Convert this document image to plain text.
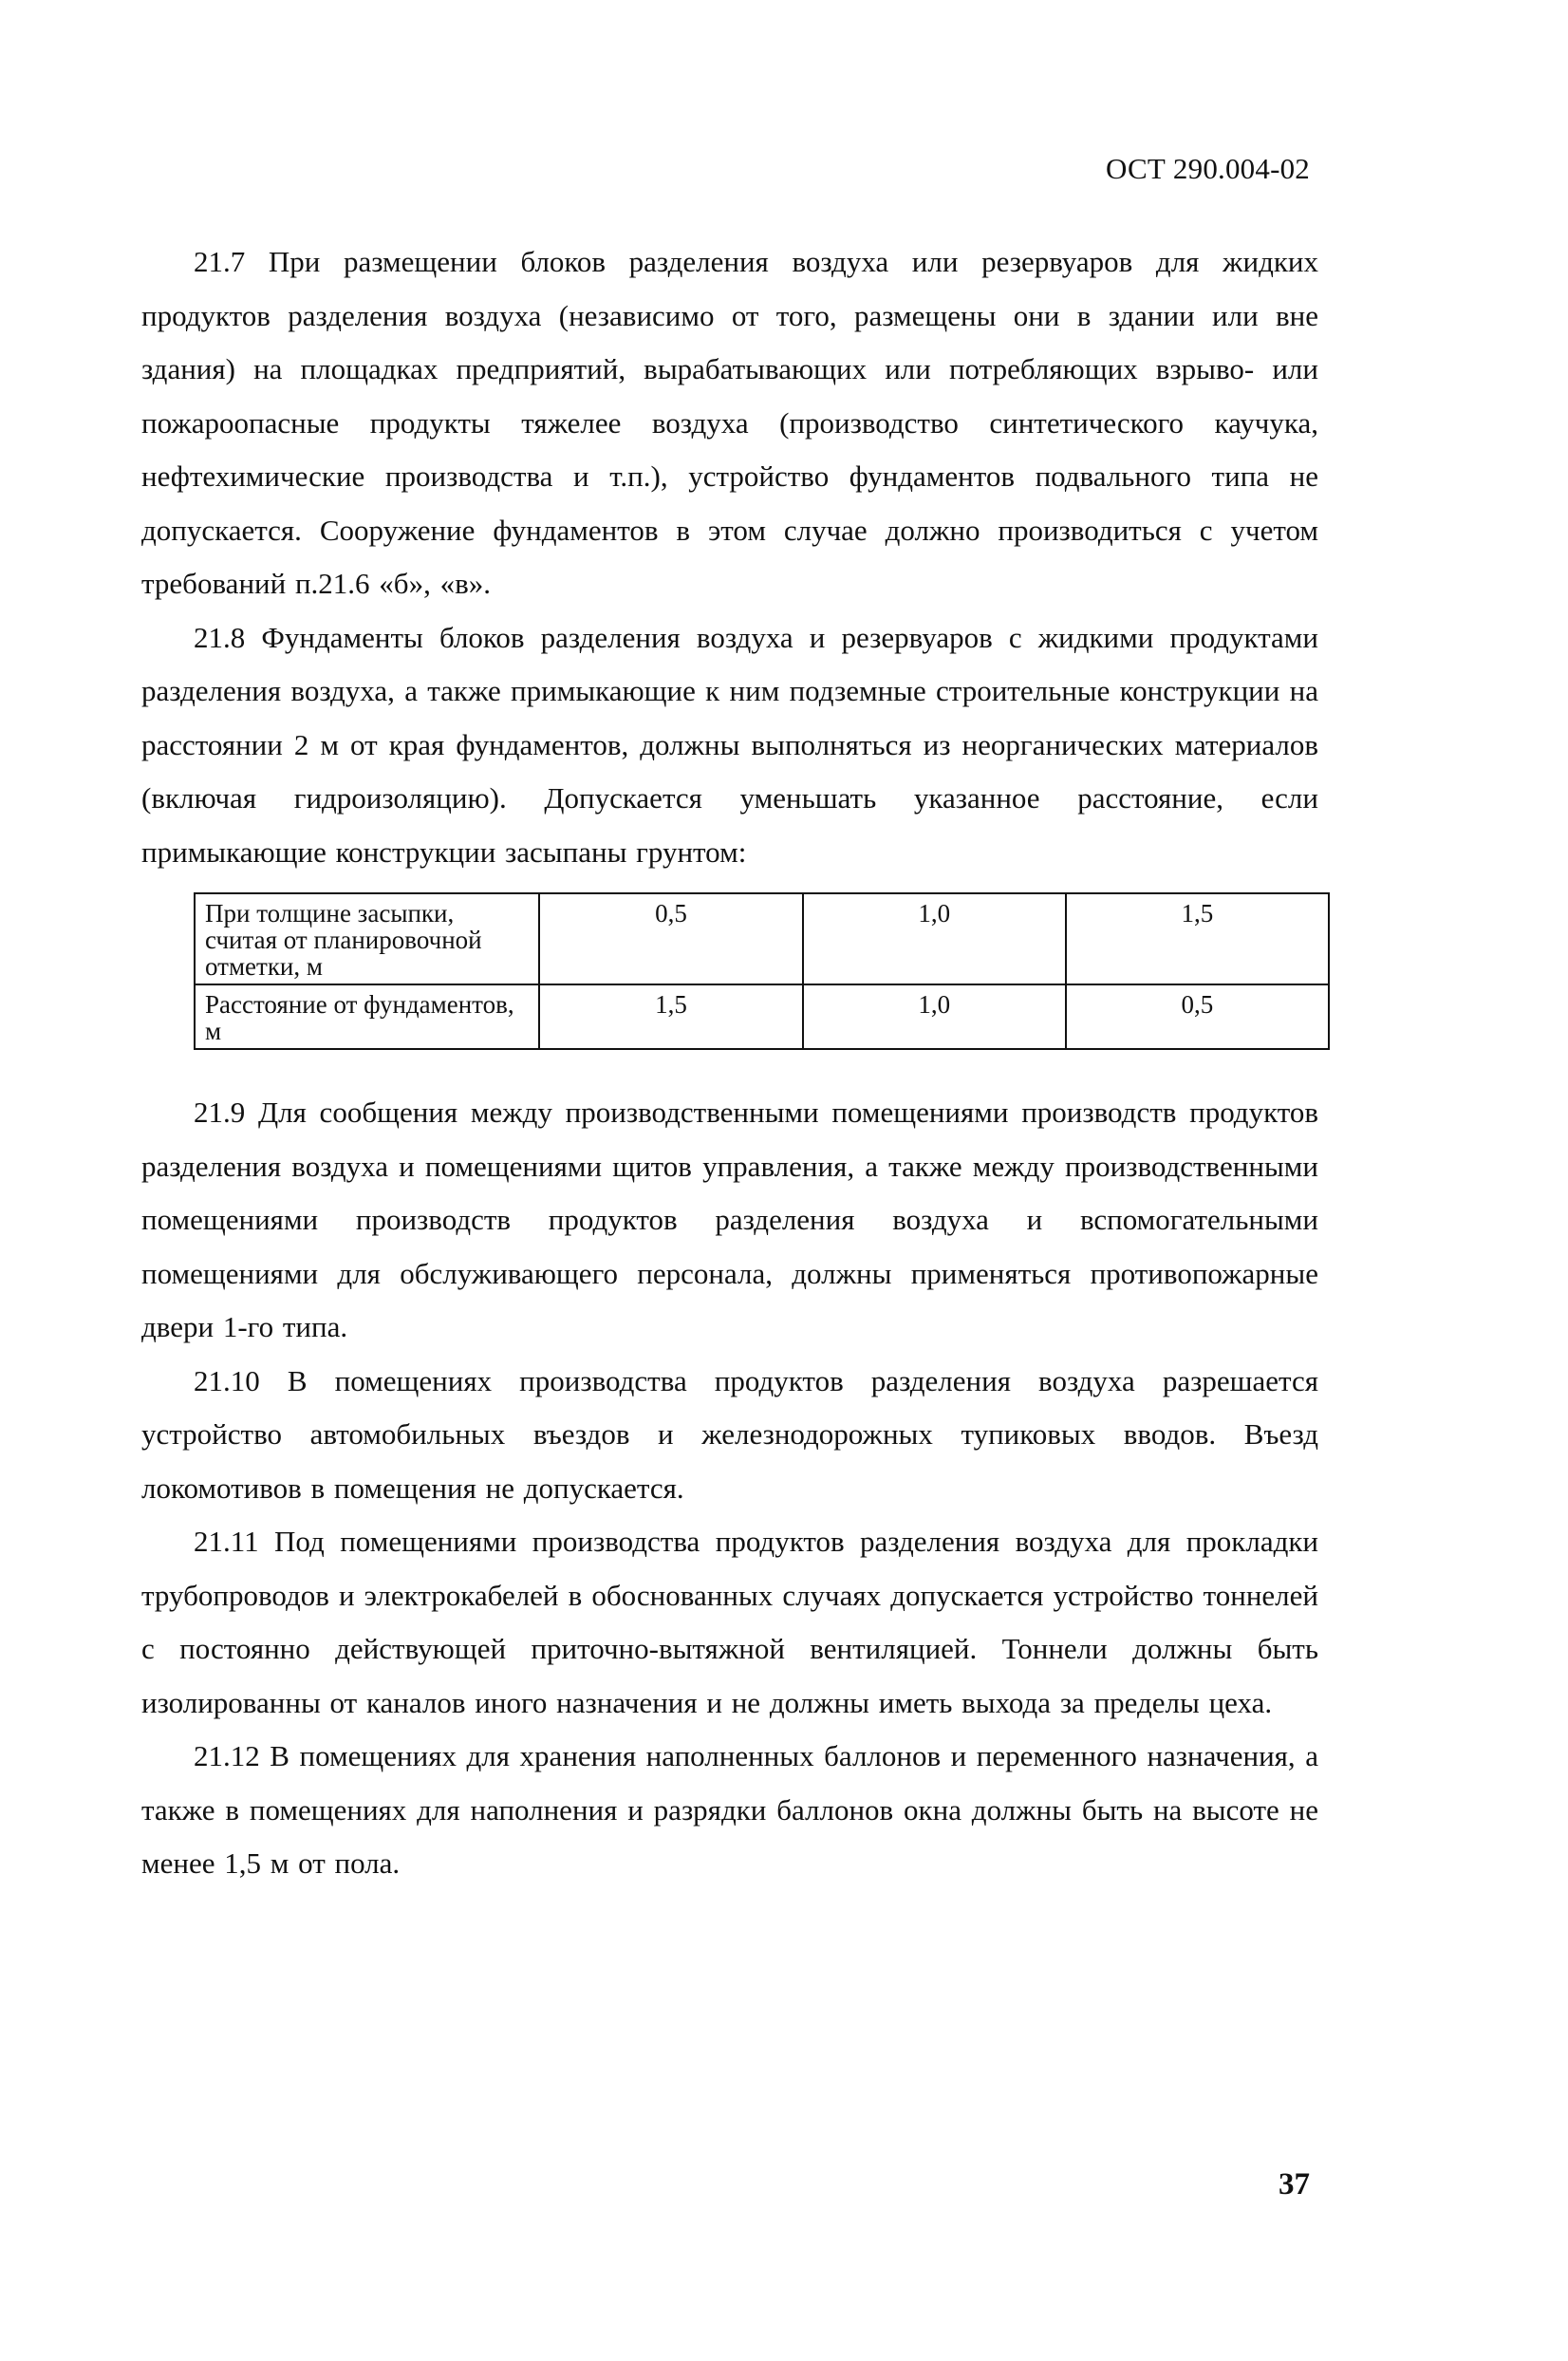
ОСТ 290.004-02

21.7 При размещении блоков разделения воздуха или резервуаров для жидких продуктов разделения воздуха (независимо от того, размещены они в здании или вне здания) на площадках предприятий, вырабатывающих или потребляющих взрыво- или пожароопасные продукты тяжелее воздуха (производство синтетического каучука, нефтехимические производства и т.п.), устройство фундаментов подвального типа не допускается. Сооружение фундаментов в этом случае должно производиться с учетом требований п.21.6 «б», «в».

21.8 Фундаменты блоков разделения воздуха и резервуаров с жидкими продуктами разделения воздуха, а также примыкающие к ним подземные строительные конструкции на расстоянии 2 м от края фундаментов, должны выполняться из неорганических материалов (включая гидроизоляцию). Допускается уменьшать указанное расстояние, если примыкающие конструкции засыпаны грунтом:

При толщине засыпки, считая от планировочной отметки, м	0,5	1,0	1,5
Расстояние от фундаментов, м	1,5	1,0	0,5

21.9 Для сообщения между производственными помещениями производств продуктов разделения воздуха и помещениями щитов управления, а также между производственными помещениями производств продуктов разделения воздуха и вспомогательными помещениями для обслуживающего персонала, должны применяться противопожарные двери 1-го типа.

21.10 В помещениях производства продуктов разделения воздуха разрешается устройство автомобильных въездов и железнодорожных тупиковых вводов. Въезд локомотивов в помещения не допускается.

21.11 Под помещениями производства продуктов разделения воздуха для прокладки трубопроводов и электрокабелей в обоснованных случаях допускается устройство тоннелей с постоянно действующей приточно-вытяжной вентиляцией. Тоннели должны быть изолированны от каналов иного назначения и не должны иметь выхода за пределы цеха.

21.12 В помещениях для хранения наполненных баллонов и переменного назначения, а также в помещениях для наполнения и разрядки баллонов окна должны быть на высоте не менее 1,5 м от пола.

37
